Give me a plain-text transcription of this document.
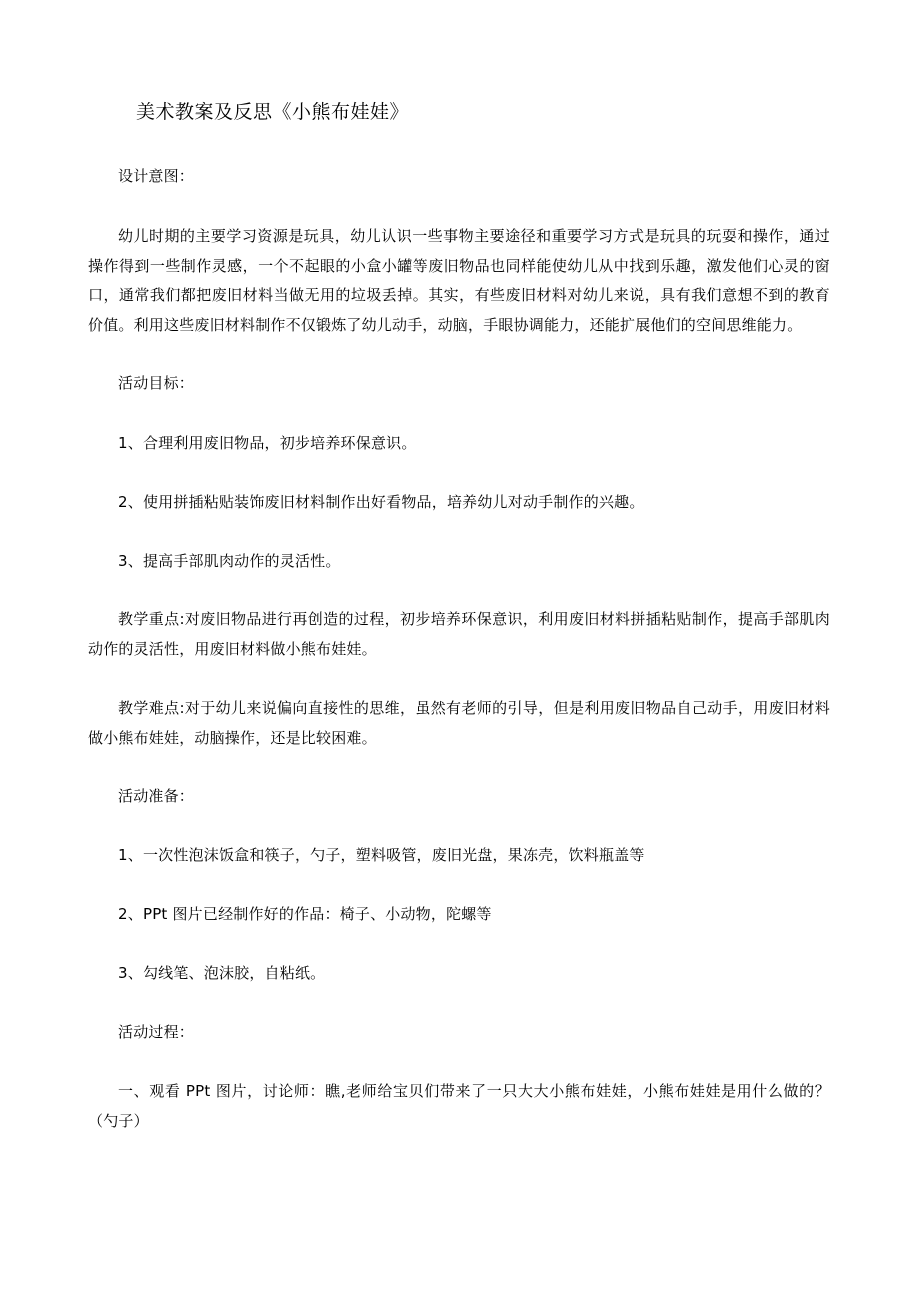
美术教案及反思《小熊布娃娃》
设计意图：

幼儿时期的主要学习资源是玩具，幼儿认识一些事物主要途径和重要学习方式是玩具的玩耍和操作，通过操作得到一些制作灵感，一个不起眼的小盒小罐等废旧物品也同样能使幼儿从中找到乐趣，激发他们心灵的窗口，通常我们都把废旧材料当做无用的垃圾丢掉。其实，有些废旧材料对幼儿来说，具有我们意想不到的教育价值。利用这些废旧材料制作不仅锻炼了幼儿动手，动脑，手眼协调能力，还能扩展他们的空间思维能力。

活动目标：
1、合理利用废旧物品，初步培养环保意识。
2、使用拼插粘贴装饰废旧材料制作出好看物品，培养幼儿对动手制作的兴趣。
3、提高手部肌肉动作的灵活性。

教学重点:对废旧物品进行再创造的过程，初步培养环保意识，利用废旧材料拼插粘贴制作，提高手部肌肉动作的灵活性，用废旧材料做小熊布娃娃。

教学难点:对于幼儿来说偏向直接性的思维，虽然有老师的引导，但是利用废旧物品自己动手，用废旧材料做小熊布娃娃，动脑操作，还是比较困难。

活动准备：
1、一次性泡沫饭盒和筷子，勺子，塑料吸管，废旧光盘，果冻壳，饮料瓶盖等
2、PPt 图片已经制作好的作品：椅子、小动物，陀螺等
3、勾线笔、泡沫胶，自粘纸。
活动过程：

一、观看 PPt 图片，讨论师：瞧,老师给宝贝们带来了一只大大小熊布娃娃，小熊布娃娃是用什么做的？（勺子）
